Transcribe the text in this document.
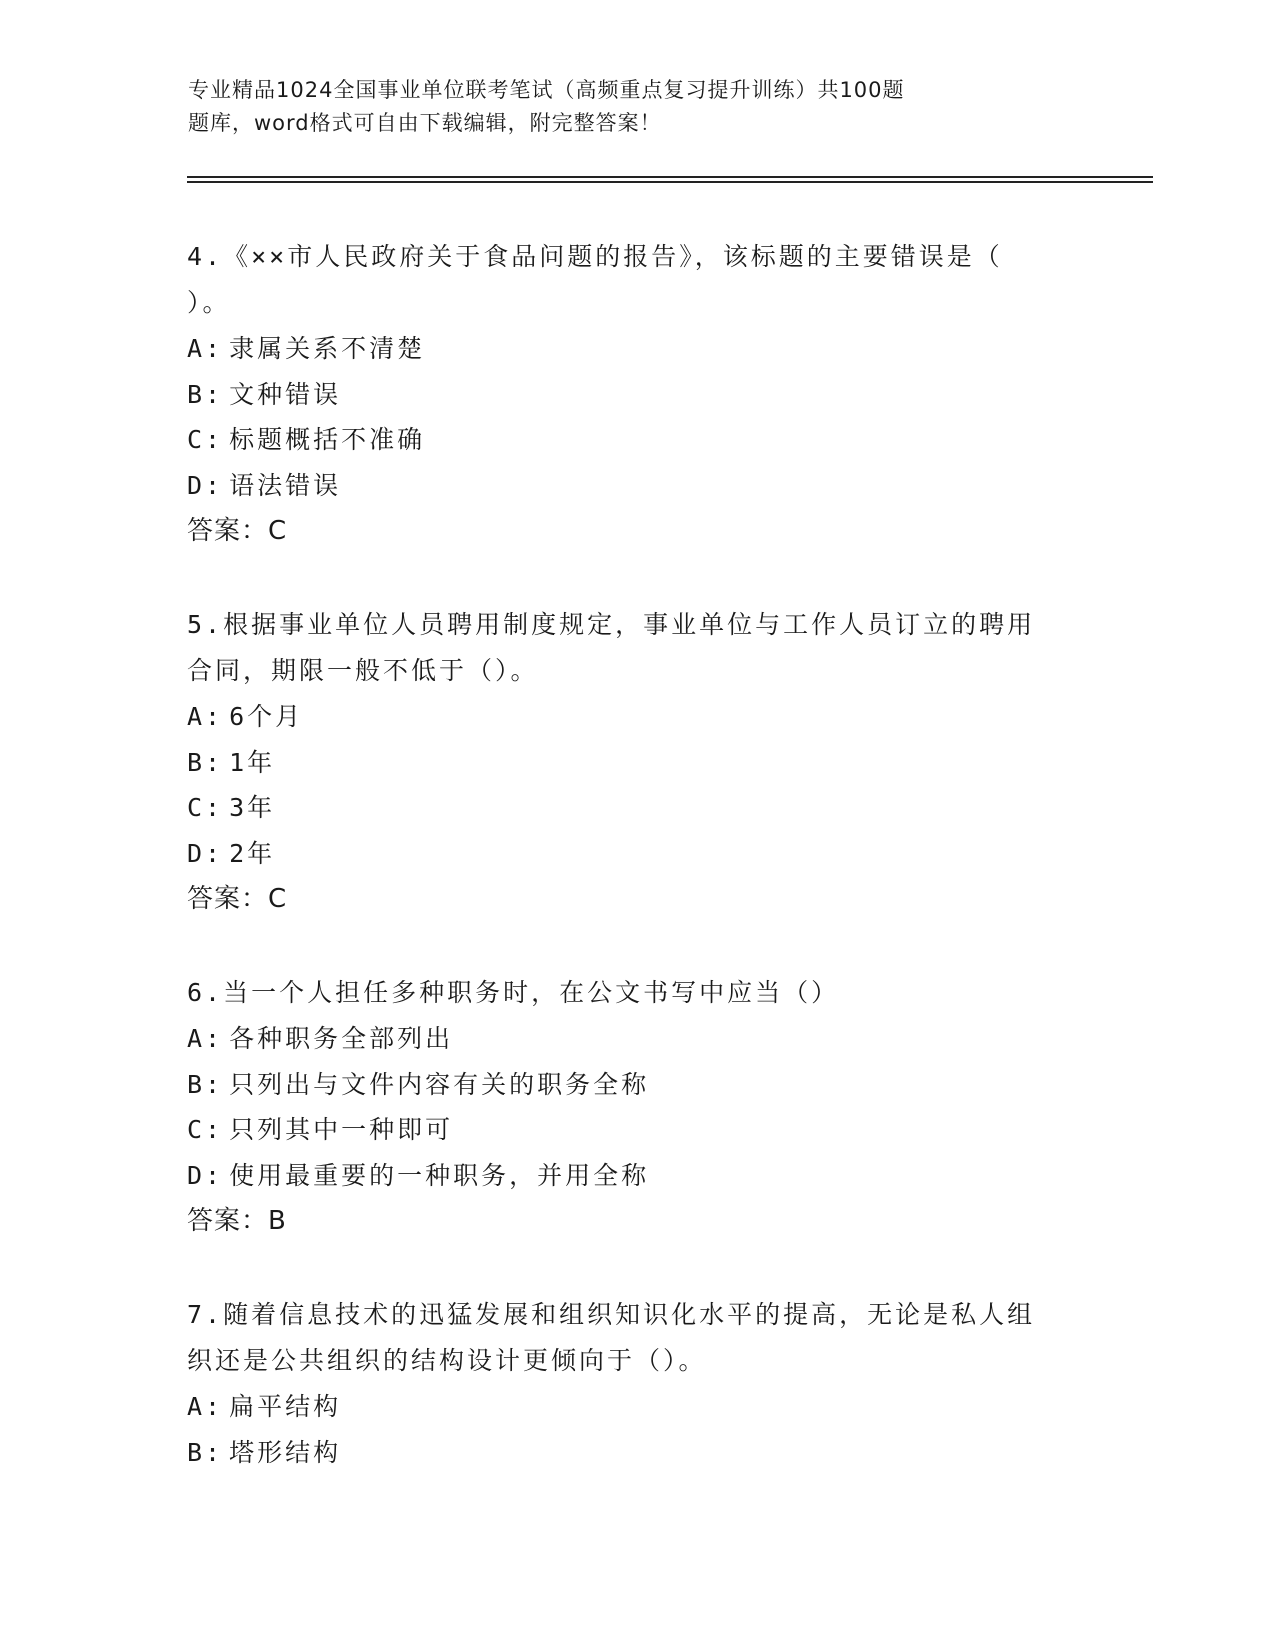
专业精品1024全国事业单位联考笔试（高频重点复习提升训练）共100题
题库，word格式可自由下载编辑，附完整答案！

4.《××市人民政府关于食品问题的报告》，该标题的主要错误是（
）。

A: 隶属关系不清楚

B: 文种错误

C: 标题概括不准确

D: 语法错误

答案：C

5.根据事业单位人员聘用制度规定，事业单位与工作人员订立的聘用
合同，期限一般不低于（）。

A: 6个月

B: 1年

C: 3年

D: 2年

答案：C

6.当一个人担任多种职务时，在公文书写中应当（）

A: 各种职务全部列出

B: 只列出与文件内容有关的职务全称

C: 只列其中一种即可

D: 使用最重要的一种职务，并用全称

答案：B

7.随着信息技术的迅猛发展和组织知识化水平的提高，无论是私人组
织还是公共组织的结构设计更倾向于（）。

A: 扁平结构

B: 塔形结构
